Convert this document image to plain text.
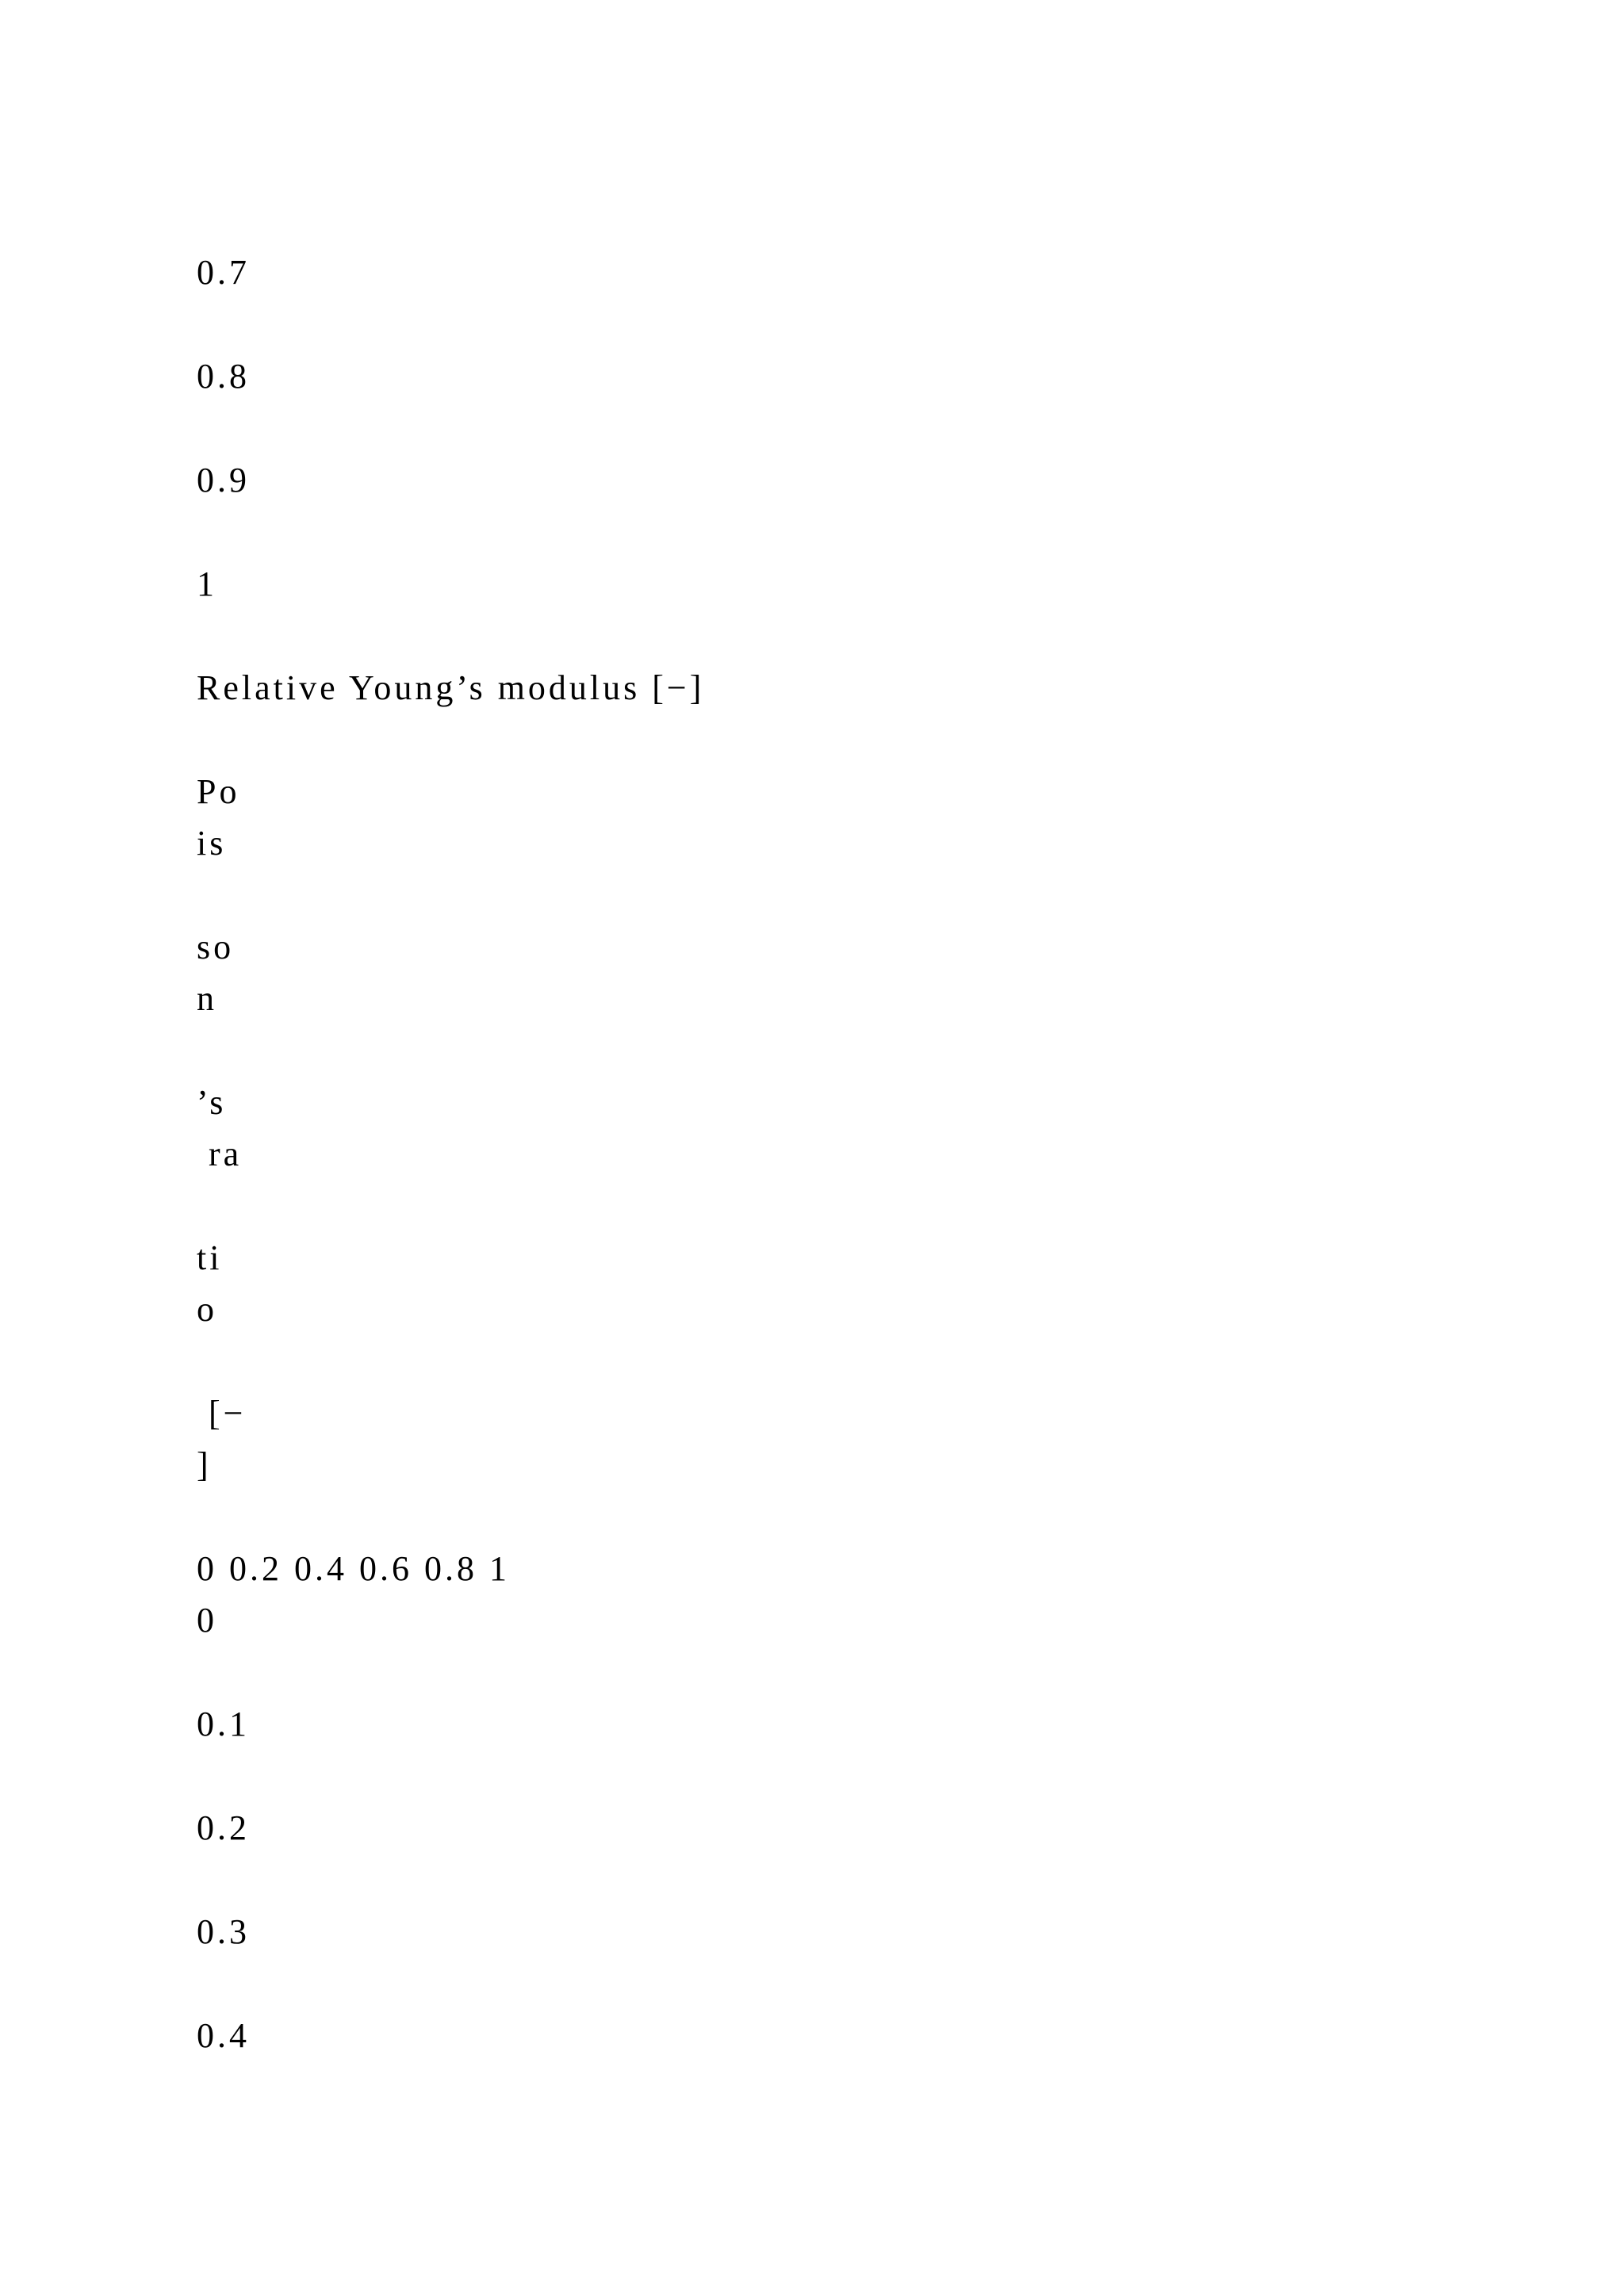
0.7
0.8
0.9
1
Relative Young’s modulus [−]
Po
is
so
n
’s
ra
ti
o
[−
]
0 0.2 0.4 0.6 0.8 1
0
0.1
0.2
0.3
0.4
